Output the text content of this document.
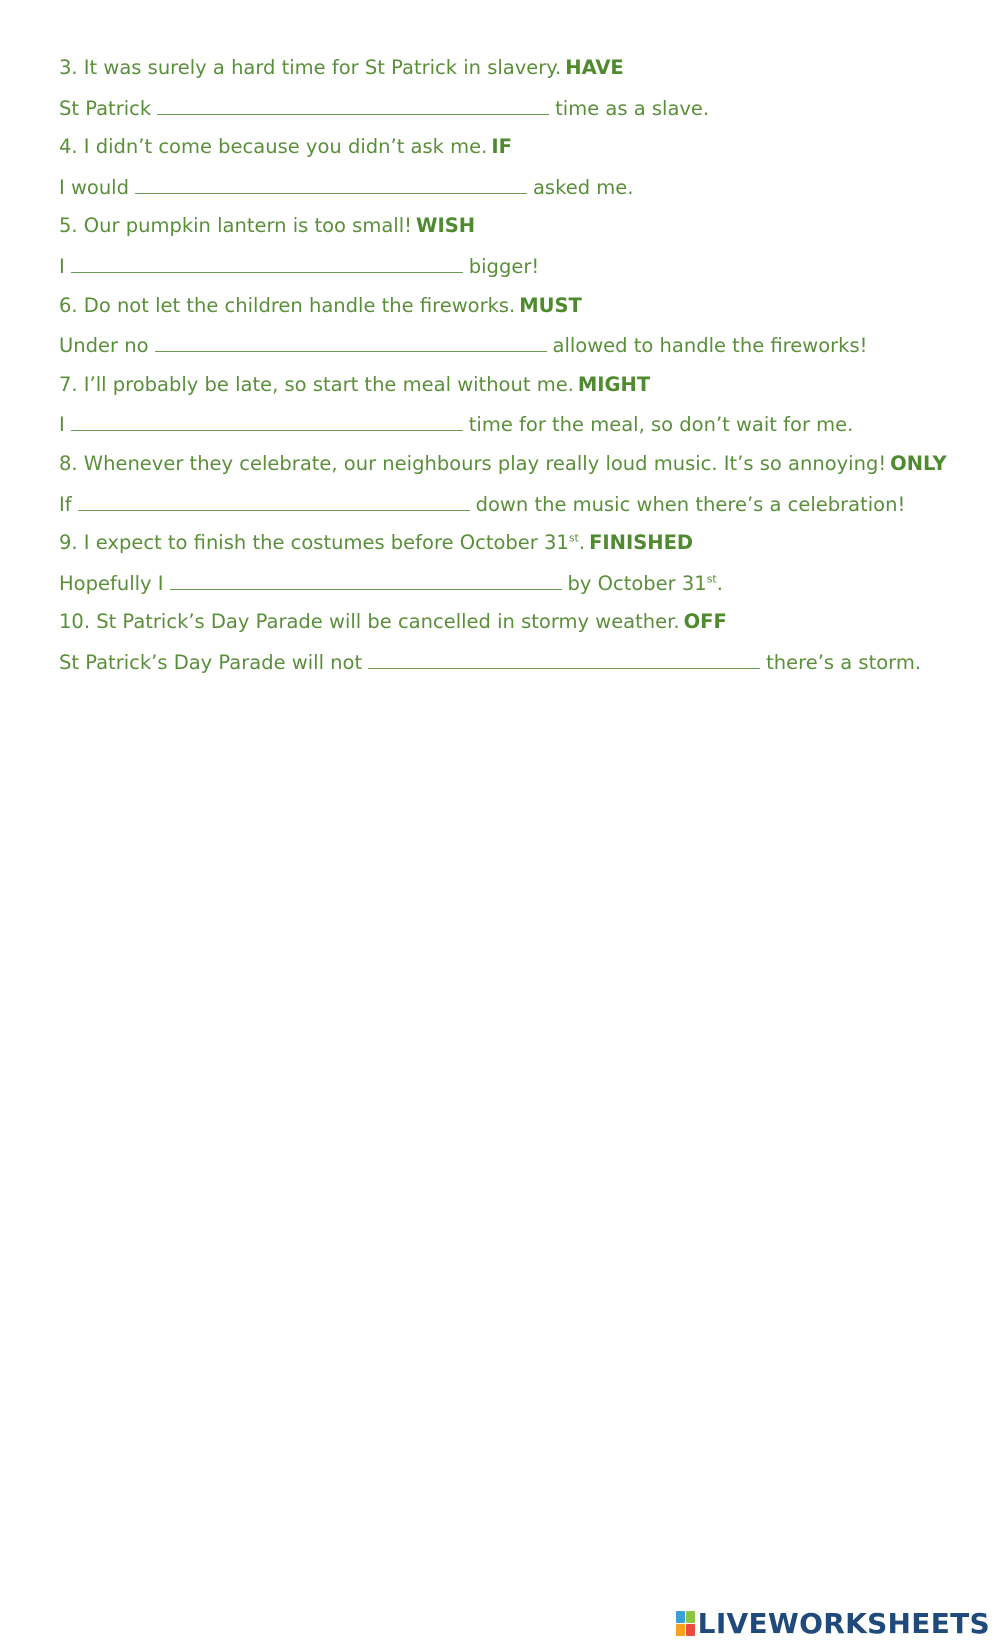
3. It was surely a hard time for St Patrick in slavery. HAVE
St Patrick	time as a slave.
4. I didn’t come because you didn’t ask me. IF
I would	asked me.
5. Our pumpkin lantern is too small! WISH
I	bigger!
6. Do not let the children handle the fireworks. MUST
Under no	allowed to handle the fireworks!
7. I’ll probably be late, so start the meal without me. MIGHT
I	time for the meal, so don’t wait for me.
8. Whenever they celebrate, our neighbours play really loud music. It’s so annoying! ONLY
If	down the music when there’s a celebration!
9. I expect to finish the costumes before October 31st. FINISHED
Hopefully I	by October 31st.
10. St Patrick’s Day Parade will be cancelled in stormy weather. OFF
St Patrick’s Day Parade will not	there’s a storm.
LIVEWORKSHEETS
